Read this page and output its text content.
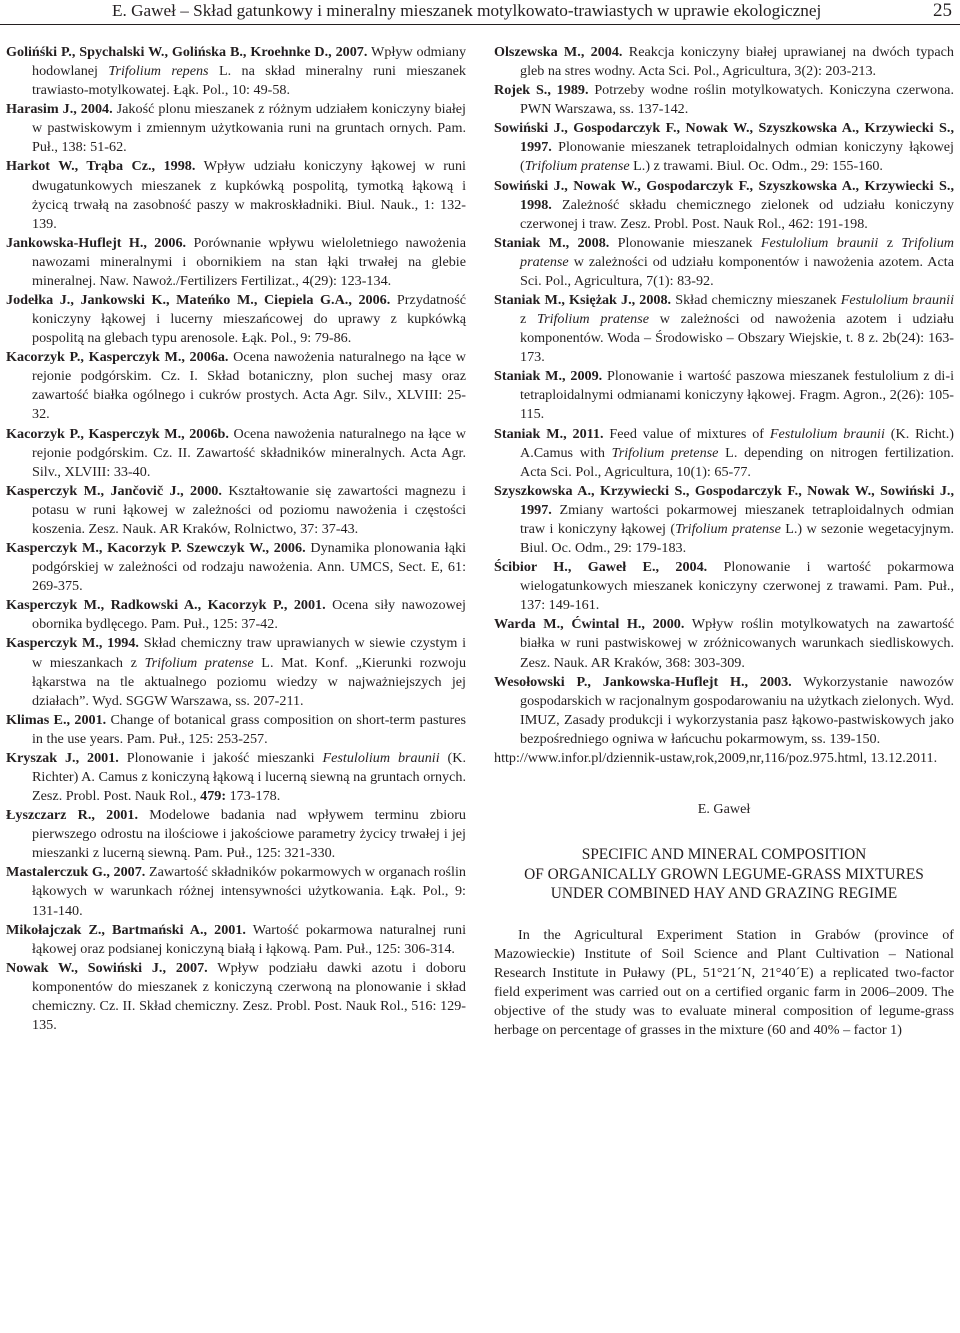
E. Gaweł – Skład gatunkowy i mineralny mieszanek motylkowato-trawiastych w uprawie ekologicznej	25

Golińśki P., Spychalski W., Golińska B., Kroehnke D., 2007. Wpływ odmiany hodowlanej Trifolium repens L. na skład mineralny runi mieszanek trawiasto-motylkowatej. Łąk. Pol., 10: 49-58.

Harasim J., 2004. Jakość plonu mieszanek z różnym udziałem koniczyny białej w pastwiskowym i zmiennym użytkowania runi na gruntach ornych. Pam. Puł., 138: 51-62.

Harkot W., Trąba Cz., 1998. Wpływ udziału koniczyny łąkowej w runi dwugatunkowych mieszanek z kupkówką pospolitą, tymotką łąkową i życicą trwałą na zasobność paszy w makroskładniki. Biul. Nauk., 1: 132-139.

Jankowska-Huflejt H., 2006. Porównanie wpływu wieloletniego nawożenia nawozami mineralnymi i obornikiem na stan łąki trwałej na glebie mineralnej. Naw. Nawoż./Fertilizers Fertilizat., 4(29): 123-134.

Jodełka J., Jankowski K., Mateńko M., Ciepiela G.A., 2006. Przydatność koniczyny łąkowej i lucerny mieszańcowej do uprawy z kupkówką pospolitą na glebach typu arenosole. Łąk. Pol., 9: 79-86.

Kacorzyk P., Kasperczyk M., 2006a. Ocena nawożenia naturalnego na łące w rejonie podgórskim. Cz. I. Skład botaniczny, plon suchej masy oraz zawartość białka ogólnego i cukrów prostych. Acta Agr. Silv., XLVIII: 25-32.

Kacorzyk P., Kasperczyk M., 2006b. Ocena nawożenia naturalnego na łące w rejonie podgórskim. Cz. II. Zawartość składników mineralnych. Acta Agr. Silv., XLVIII: 33-40.

Kasperczyk M., Jančovič J., 2000. Kształtowanie się zawartości magnezu i potasu w runi łąkowej w zależności od poziomu nawożenia i częstości koszenia. Zesz. Nauk. AR Kraków, Rolnictwo, 37: 37-43.

Kasperczyk M., Kacorzyk P. Szewczyk W., 2006. Dynamika plonowania łąki podgórskiej w zależności od rodzaju nawożenia. Ann. UMCS, Sect. E, 61: 269-375.

Kasperczyk M., Radkowski A., Kacorzyk P., 2001. Ocena siły nawozowej obornika bydlęcego. Pam. Puł., 125: 37-42.

Kasperczyk M., 1994. Skład chemiczny traw uprawianych w siewie czystym i w mieszankach z Trifolium pratense L. Mat. Konf. „Kierunki rozwoju łąkarstwa na tle aktualnego poziomu wiedzy w najważniejszych jej działach”. Wyd. SGGW Warszawa, ss. 207-211.

Klimas E., 2001. Change of botanical grass composition on short-term pastures in the use years. Pam. Puł., 125: 253-257.

Kryszak J., 2001. Plonowanie i jakość mieszanki Festulolium braunii (K. Richter) A. Camus z koniczyną łąkową i lucerną siewną na gruntach ornych. Zesz. Probl. Post. Nauk Rol., 479: 173-178.

Łyszczarz R., 2001. Modelowe badania nad wpływem terminu zbioru pierwszego odrostu na ilościowe i jakościowe parametry życicy trwałej i jej mieszanki z lucerną siewną. Pam. Puł., 125: 321-330.

Mastalerczuk G., 2007. Zawartość składników pokarmowych w organach roślin łąkowych w warunkach różnej intensywności użytkowania. Łąk. Pol., 9: 131-140.

Mikołajczak Z., Bartmański A., 2001. Wartość pokarmowa naturalnej runi łąkowej oraz podsianej koniczyną białą i łąkową. Pam. Puł., 125: 306-314.

Nowak W., Sowiński J., 2007. Wpływ podziału dawki azotu i doboru komponentów do mieszanek z koniczyną czerwoną na plonowanie i skład chemiczny. Cz. II. Skład chemiczny. Zesz. Probl. Post. Nauk Rol., 516: 129-135.

Olszewska M., 2004. Reakcja koniczyny białej uprawianej na dwóch typach gleb na stres wodny. Acta Sci. Pol., Agricultura, 3(2): 203-213.

Rojek S., 1989. Potrzeby wodne roślin motylkowatych. Koniczyna czerwona. PWN Warszawa, ss. 137-142.

Sowiński J., Gospodarczyk F., Nowak W., Szyszkowska A., Krzywiecki S., 1997. Plonowanie mieszanek tetraploidalnych odmian koniczyny łąkowej (Trifolium pratense L.) z trawami. Biul. Oc. Odm., 29: 155-160.

Sowiński J., Nowak W., Gospodarczyk F., Szyszkowska A., Krzywiecki S., 1998. Zależność składu chemicznego zielonek od udziału koniczyny czerwonej i traw. Zesz. Probl. Post. Nauk Rol., 462: 191-198.

Staniak M., 2008. Plonowanie mieszanek Festulolium braunii z Trifolium pratense w zależności od udziału komponentów i nawożenia azotem. Acta Sci. Pol., Agricultura, 7(1): 83-92.

Staniak M., Księżak J., 2008. Skład chemiczny mieszanek Festulolium braunii z Trifolium pratense w zależności od nawożenia azotem i udziału komponentów. Woda – Środowisko – Obszary Wiejskie, t. 8 z. 2b(24): 163-173.

Staniak M., 2009. Plonowanie i wartość paszowa mieszanek festulolium z di-i tetraploidalnymi odmianami koniczyny łąkowej. Fragm. Agron., 2(26): 105-115.

Staniak M., 2011. Feed value of mixtures of Festulolium braunii (K. Richt.) A.Camus with Trifolium pretense L. depending on nitrogen fertilization. Acta Sci. Pol., Agricultura, 10(1): 65-77.

Szyszkowska A., Krzywiecki S., Gospodarczyk F., Nowak W., Sowiński J., 1997. Zmiany wartości pokarmowej mieszanek tetraploidalnych odmian traw i koniczyny łąkowej (Trifolium pratense L.) w sezonie wegetacyjnym. Biul. Oc. Odm., 29: 179-183.

Ścibior H., Gaweł E., 2004. Plonowanie i wartość pokarmowa wielogatunkowych mieszanek koniczyny czerwonej z trawami. Pam. Puł., 137: 149-161.

Warda M., Ćwintal H., 2000. Wpływ roślin motylkowatych na zawartość białka w runi pastwiskowej w zróżnicowanych warunkach siedliskowych. Zesz. Nauk. AR Kraków, 368: 303-309.

Wesołowski P., Jankowska-Huflejt H., 2003. Wykorzystanie nawozów gospodarskich w racjonalnym gospodarowaniu na użytkach zielonych. Wyd. IMUZ, Zasady produkcji i wykorzystania pasz łąkowo-pastwiskowych jako bezpośredniego ogniwa w łańcuchu pokarmowym, ss. 139-150.

http://www.infor.pl/dziennik-ustaw,rok,2009,nr,116/poz.975.html, 13.12.2011.

E. Gaweł
SPECIFIC AND MINERAL COMPOSITION
OF ORGANICALLY GROWN LEGUME-GRASS MIXTURES
UNDER COMBINED HAY AND GRAZING REGIME

In the Agricultural Experiment Station in Grabów (province of Mazowieckie) Institute of Soil Science and Plant Cultivation – National Research Institute in Puławy (PL, 51°21´N, 21°40´E) a replicated two-factor field experiment was carried out on a certified organic farm in 2006–2009. The objective of the study was to evaluate mineral composition of legume-grass herbage on percentage of grasses in the mixture (60 and 40% – factor 1)
